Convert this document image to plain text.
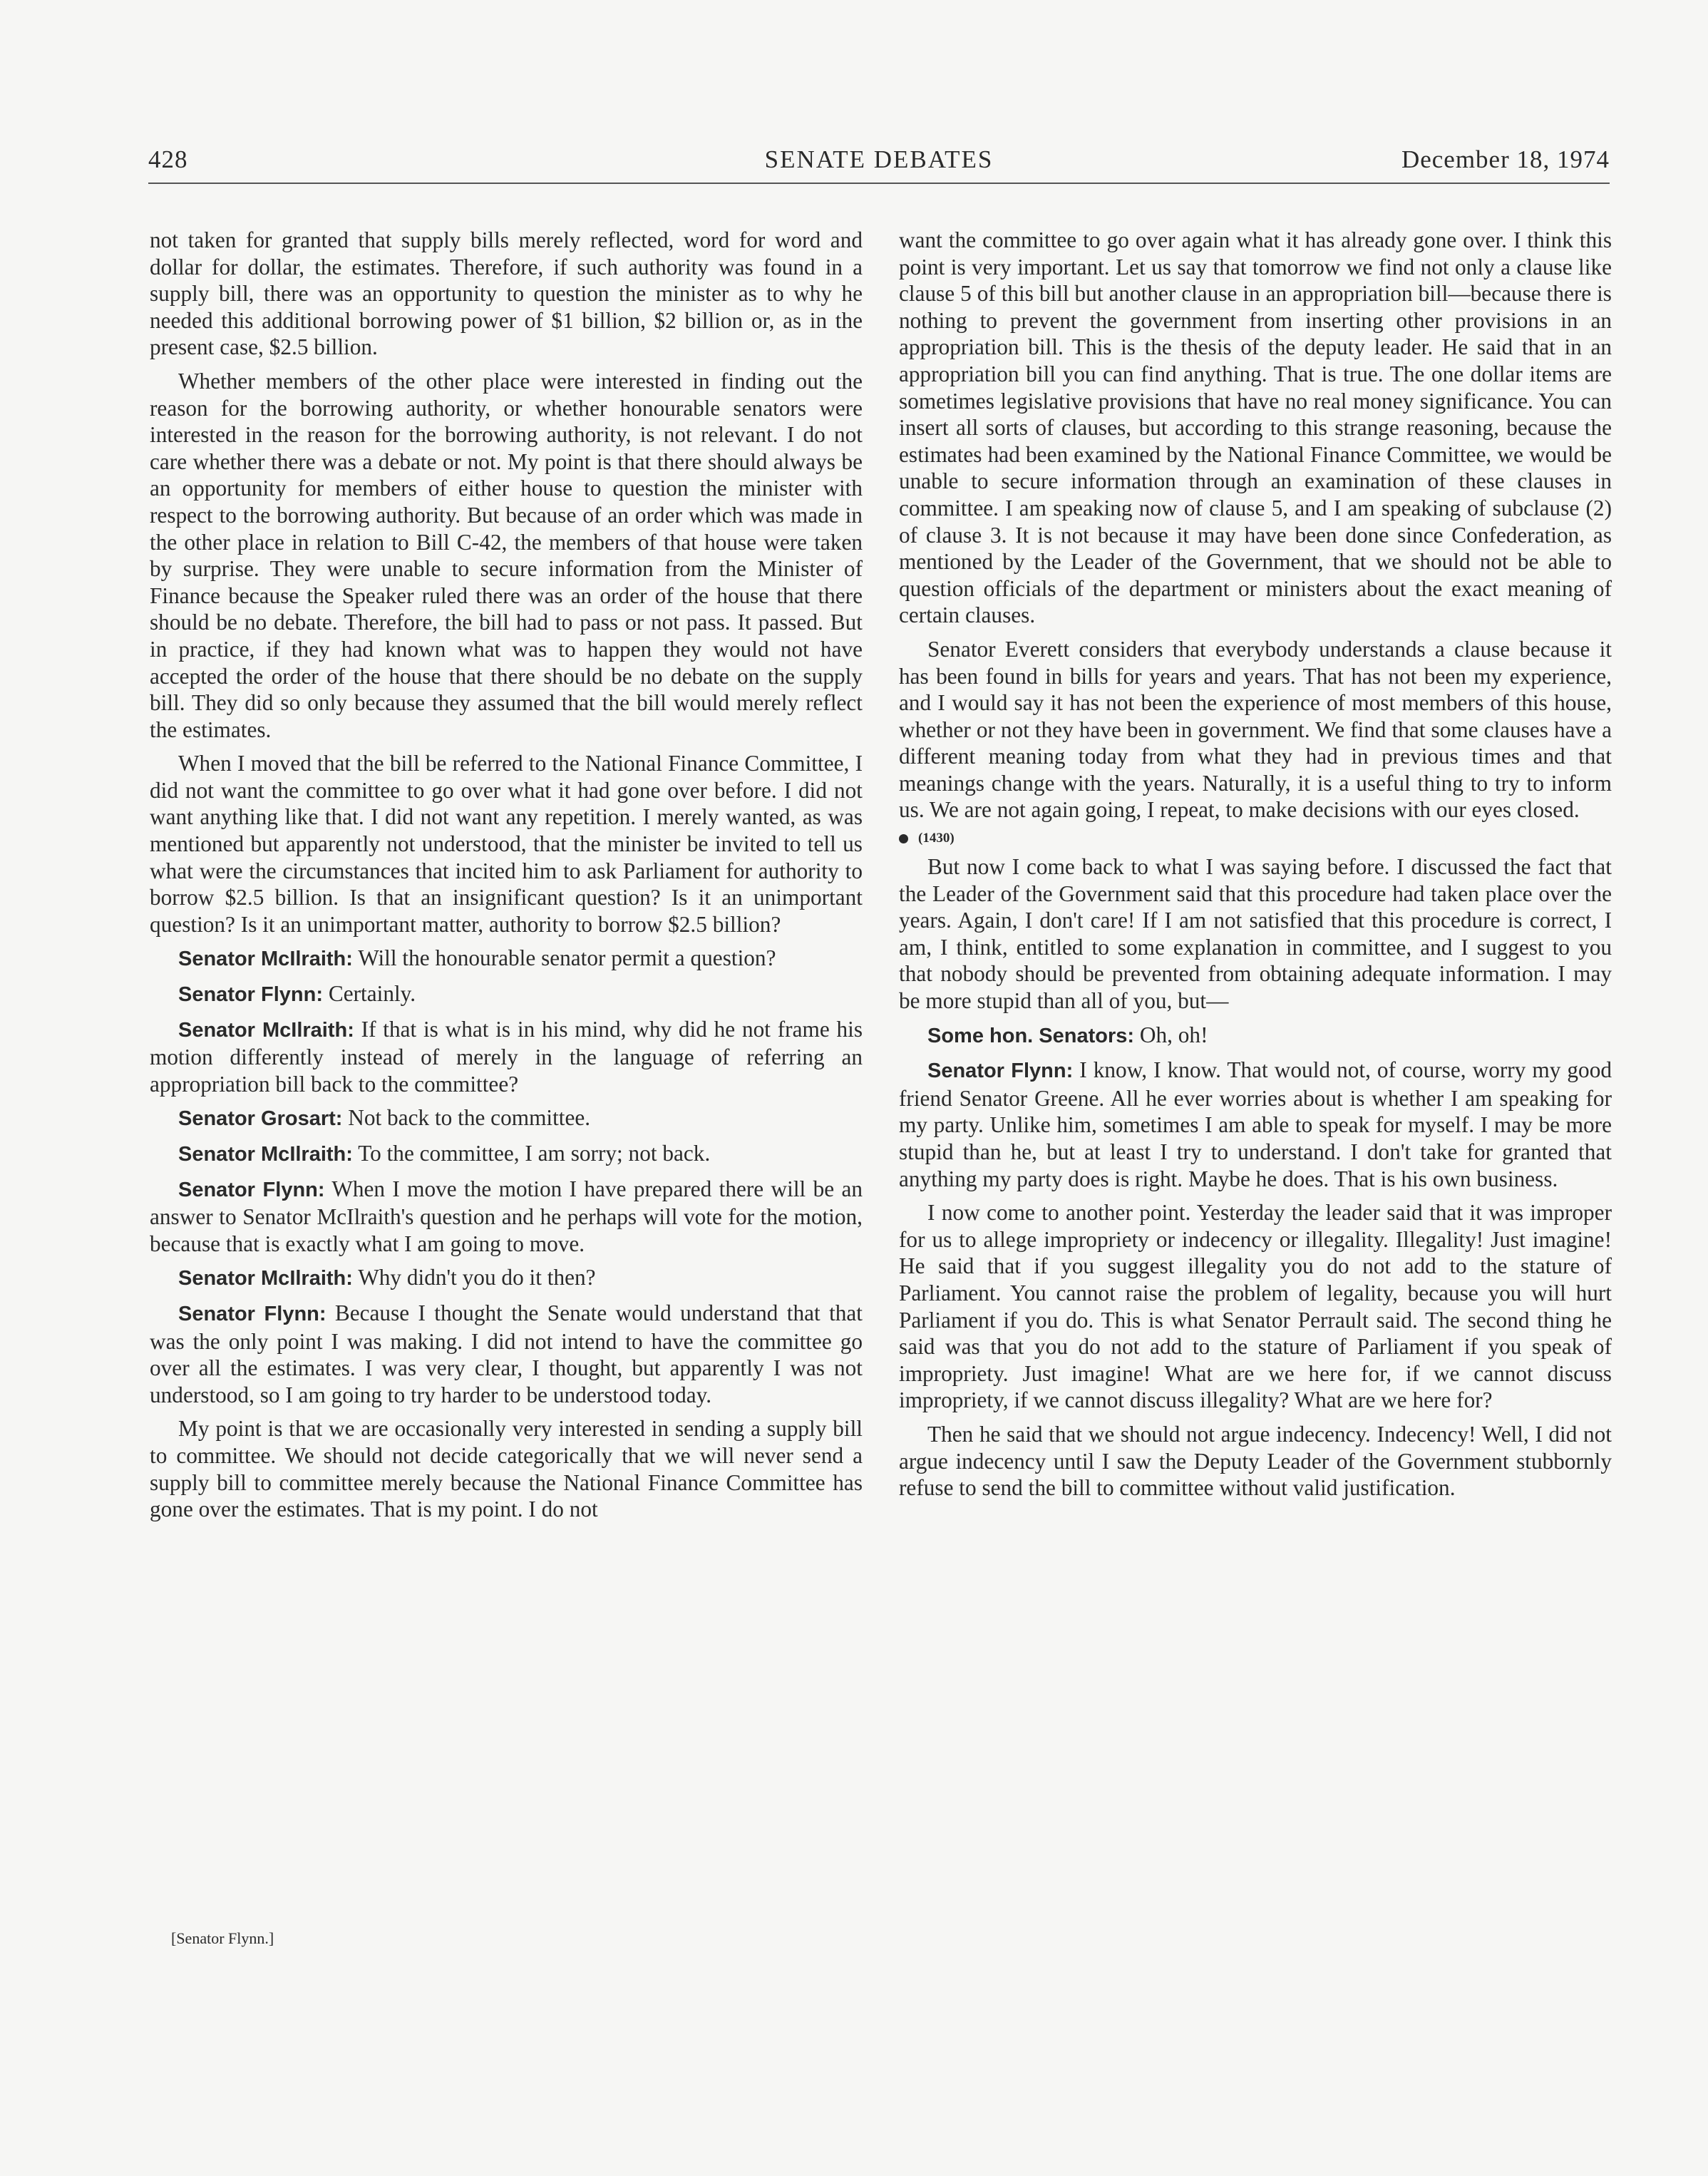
428	SENATE DEBATES	December 18, 1974

not taken for granted that supply bills merely reflected, word for word and dollar for dollar, the estimates. Therefore, if such authority was found in a supply bill, there was an opportunity to question the minister as to why he needed this additional borrowing power of $1 billion, $2 billion or, as in the present case, $2.5 billion.

Whether members of the other place were interested in finding out the reason for the borrowing authority, or whether honourable senators were interested in the reason for the borrowing authority, is not relevant. I do not care whether there was a debate or not. My point is that there should always be an opportunity for members of either house to question the minister with respect to the borrowing authority. But because of an order which was made in the other place in relation to Bill C-42, the members of that house were taken by surprise. They were unable to secure information from the Minister of Finance because the Speaker ruled there was an order of the house that there should be no debate. Therefore, the bill had to pass or not pass. It passed. But in practice, if they had known what was to happen they would not have accepted the order of the house that there should be no debate on the supply bill. They did so only because they assumed that the bill would merely reflect the estimates.

When I moved that the bill be referred to the National Finance Committee, I did not want the committee to go over what it had gone over before. I did not want anything like that. I did not want any repetition. I merely wanted, as was mentioned but apparently not understood, that the minister be invited to tell us what were the circumstances that incited him to ask Parliament for authority to borrow $2.5 billion. Is that an insignificant question? Is it an unimportant question? Is it an unimportant matter, authority to borrow $2.5 billion?

Senator McIlraith: Will the honourable senator permit a question?

Senator Flynn: Certainly.

Senator McIlraith: If that is what is in his mind, why did he not frame his motion differently instead of merely in the language of referring an appropriation bill back to the committee?

Senator Grosart: Not back to the committee.

Senator McIlraith: To the committee, I am sorry; not back.

Senator Flynn: When I move the motion I have prepared there will be an answer to Senator McIlraith's question and he perhaps will vote for the motion, because that is exactly what I am going to move.

Senator McIlraith: Why didn't you do it then?

Senator Flynn: Because I thought the Senate would understand that that was the only point I was making. I did not intend to have the committee go over all the estimates. I was very clear, I thought, but apparently I was not understood, so I am going to try harder to be understood today.

My point is that we are occasionally very interested in sending a supply bill to committee. We should not decide categorically that we will never send a supply bill to committee merely because the National Finance Committee has gone over the estimates. That is my point. I do not

want the committee to go over again what it has already gone over. I think this point is very important. Let us say that tomorrow we find not only a clause like clause 5 of this bill but another clause in an appropriation bill—because there is nothing to prevent the government from inserting other provisions in an appropriation bill. This is the thesis of the deputy leader. He said that in an appropriation bill you can find anything. That is true. The one dollar items are sometimes legislative provisions that have no real money significance. You can insert all sorts of clauses, but according to this strange reasoning, because the estimates had been examined by the National Finance Committee, we would be unable to secure information through an examination of these clauses in committee. I am speaking now of clause 5, and I am speaking of subclause (2) of clause 3. It is not because it may have been done since Confederation, as mentioned by the Leader of the Government, that we should not be able to question officials of the department or ministers about the exact meaning of certain clauses.

Senator Everett considers that everybody understands a clause because it has been found in bills for years and years. That has not been my experience, and I would say it has not been the experience of most members of this house, whether or not they have been in government. We find that some clauses have a different meaning today from what they had in previous times and that meanings change with the years. Naturally, it is a useful thing to try to inform us. We are not again going, I repeat, to make decisions with our eyes closed.

(1430)

But now I come back to what I was saying before. I discussed the fact that the Leader of the Government said that this procedure had taken place over the years. Again, I don't care! If I am not satisfied that this procedure is correct, I am, I think, entitled to some explanation in committee, and I suggest to you that nobody should be prevented from obtaining adequate information. I may be more stupid than all of you, but—

Some hon. Senators: Oh, oh!

Senator Flynn: I know, I know. That would not, of course, worry my good friend Senator Greene. All he ever worries about is whether I am speaking for my party. Unlike him, sometimes I am able to speak for myself. I may be more stupid than he, but at least I try to understand. I don't take for granted that anything my party does is right. Maybe he does. That is his own business.

I now come to another point. Yesterday the leader said that it was improper for us to allege impropriety or indecency or illegality. Illegality! Just imagine! He said that if you suggest illegality you do not add to the stature of Parliament. You cannot raise the problem of legality, because you will hurt Parliament if you do. This is what Senator Perrault said. The second thing he said was that you do not add to the stature of Parliament if you speak of impropriety. Just imagine! What are we here for, if we cannot discuss impropriety, if we cannot discuss illegality? What are we here for?

Then he said that we should not argue indecency. Indecency! Well, I did not argue indecency until I saw the Deputy Leader of the Government stubbornly refuse to send the bill to committee without valid justification.

[Senator Flynn.]
